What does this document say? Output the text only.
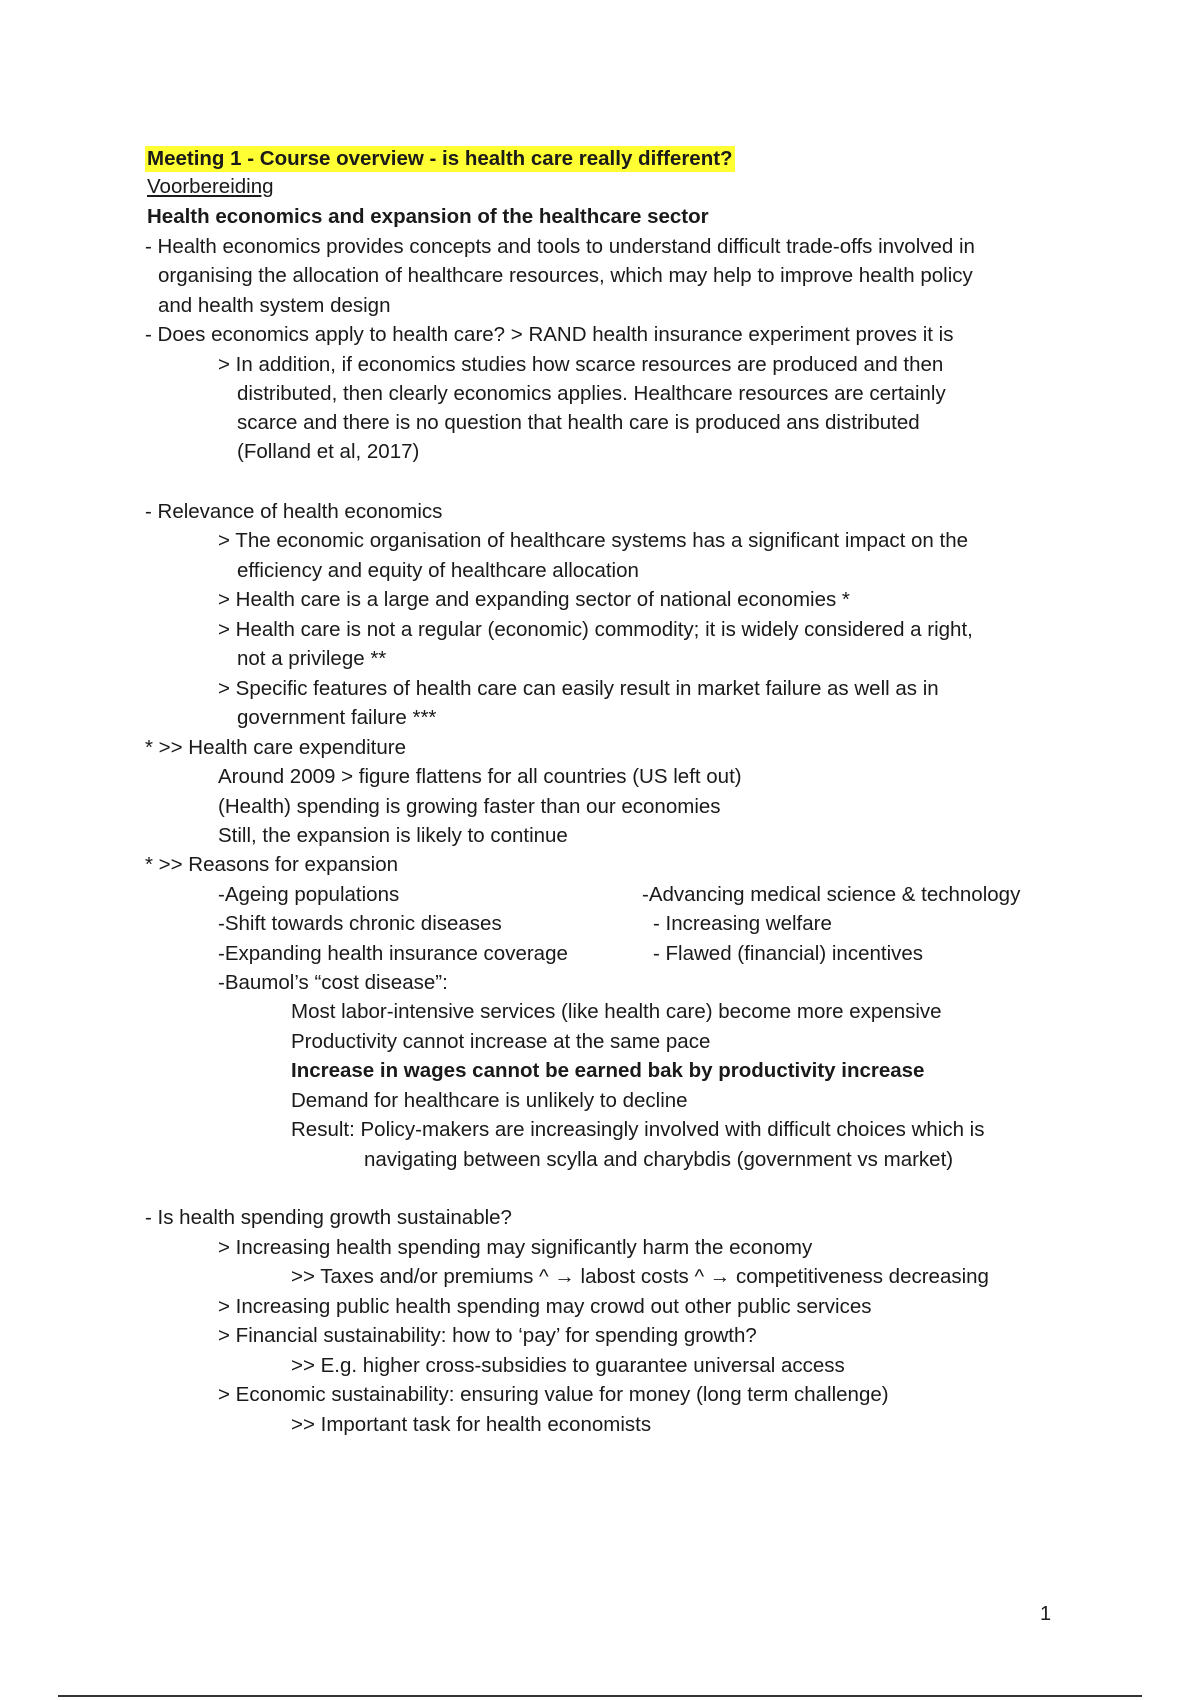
Meeting 1 - Course overview - is health care really different?
Voorbereiding
Health economics and expansion of the healthcare sector
- Health economics provides concepts and tools to understand difficult trade-offs involved in
organising the allocation of healthcare resources, which may help to improve health policy
and health system design
- Does economics apply to health care? > RAND health insurance experiment proves it is
> In addition, if economics studies how scarce resources are produced and then
distributed, then clearly economics applies. Healthcare resources are certainly
scarce and there is no question that health care is produced ans distributed
(Folland et al, 2017)
- Relevance of health economics
> The economic organisation of healthcare systems has a significant impact on the
efficiency and equity of healthcare allocation
> Health care is a large and expanding sector of national economies *
> Health care is not a regular (economic) commodity; it is widely considered a right,
not a privilege **
> Specific features of health care can easily result in market failure as well as in
government failure ***
* >> Health care expenditure
Around 2009 > figure flattens for all countries (US left out)
(Health) spending is growing faster than our economies
Still, the expansion is likely to continue
* >> Reasons for expansion
-Ageing populations	-Advancing medical science & technology
-Shift towards chronic diseases	- Increasing welfare
-Expanding health insurance coverage	- Flawed (financial) incentives
-Baumol’s “cost disease”:
Most labor-intensive services (like health care) become more expensive
Productivity cannot increase at the same pace
Increase in wages cannot be earned bak by productivity increase
Demand for healthcare is unlikely to decline
Result: Policy-makers are increasingly involved with difficult choices which is
navigating between scylla and charybdis (government vs market)
- Is health spending growth sustainable?
> Increasing health spending may significantly harm the economy
>> Taxes and/or premiums ^ → labost costs ^ → competitiveness decreasing
> Increasing public health spending may crowd out other public services
> Financial sustainability: how to ‘pay’ for spending growth?
>> E.g. higher cross-subsidies to guarantee universal access
> Economic sustainability: ensuring value for money (long term challenge)
>> Important task for health economists
1
